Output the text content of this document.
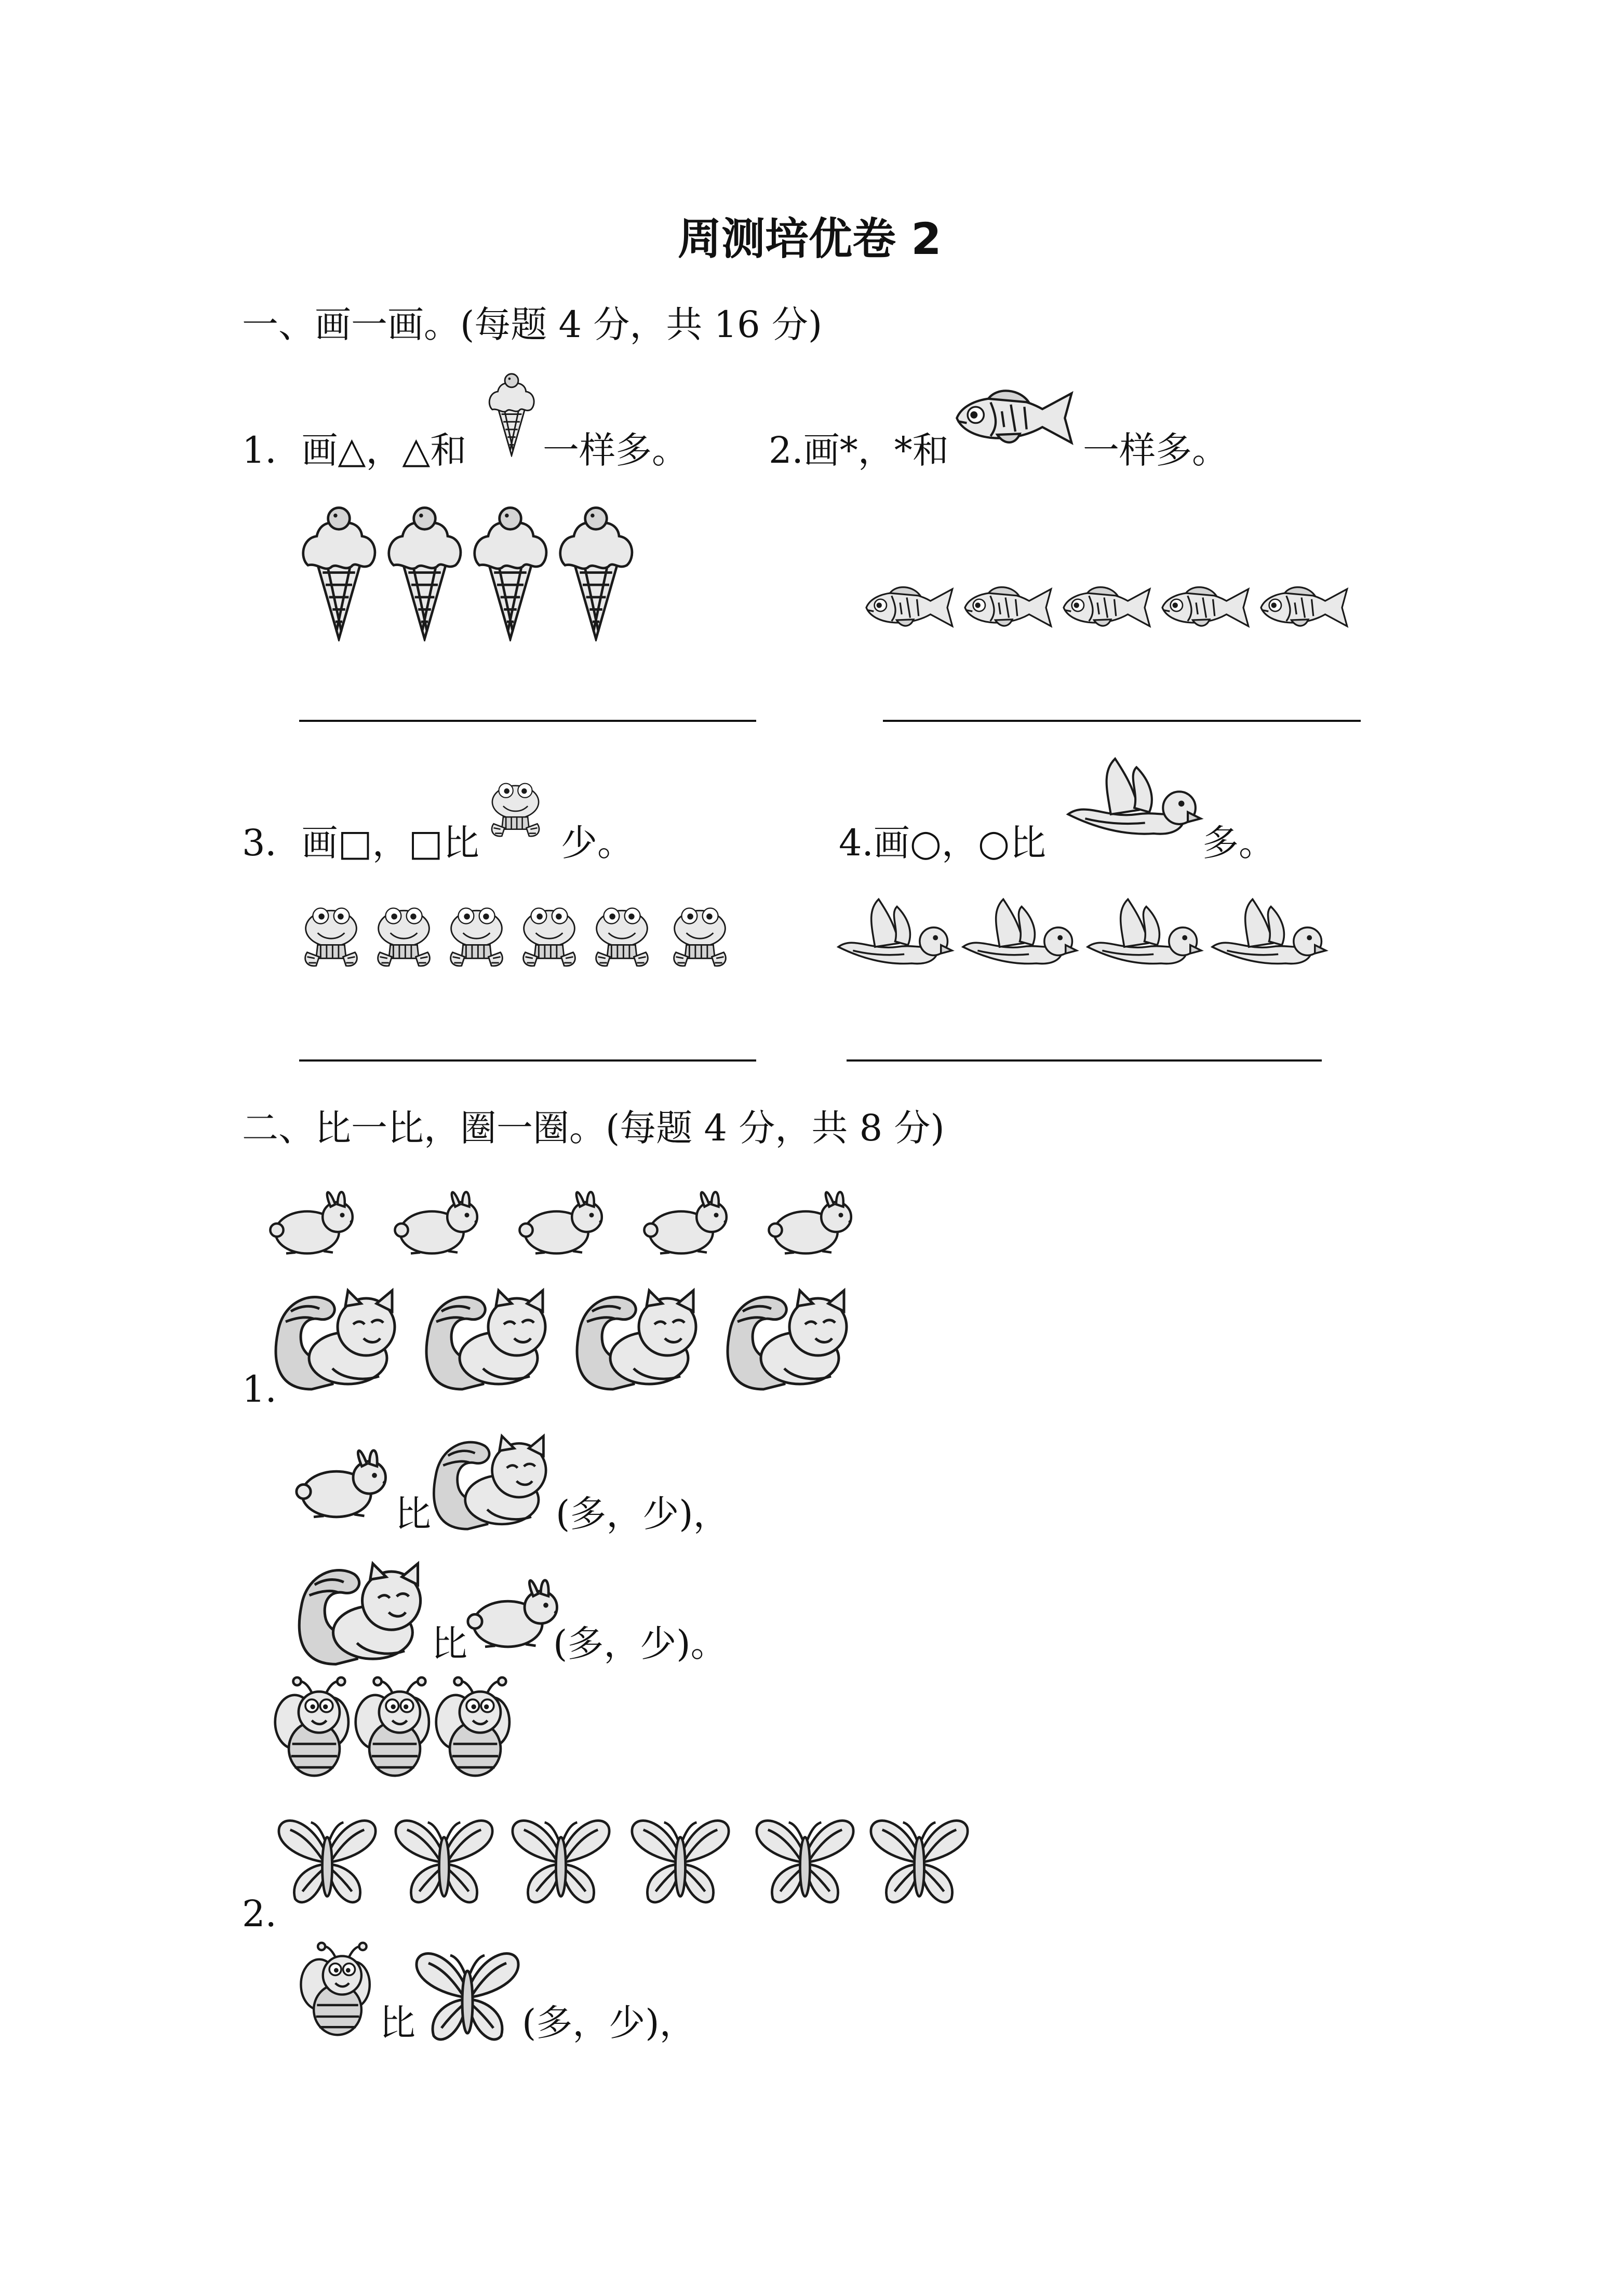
周测培优卷 2
一、画一画。(每题 4 分，共 16 分)
1．画△，△和 一样多。 2.画*，*和	一样多。
3．画□，□比 少。	4.画○，○比	多。
二、比一比，圈一圈。(每题 4 分，共 8 分)
1.
比	(多，少)，
比 (多，少)。
2.
比	(多，少)，
